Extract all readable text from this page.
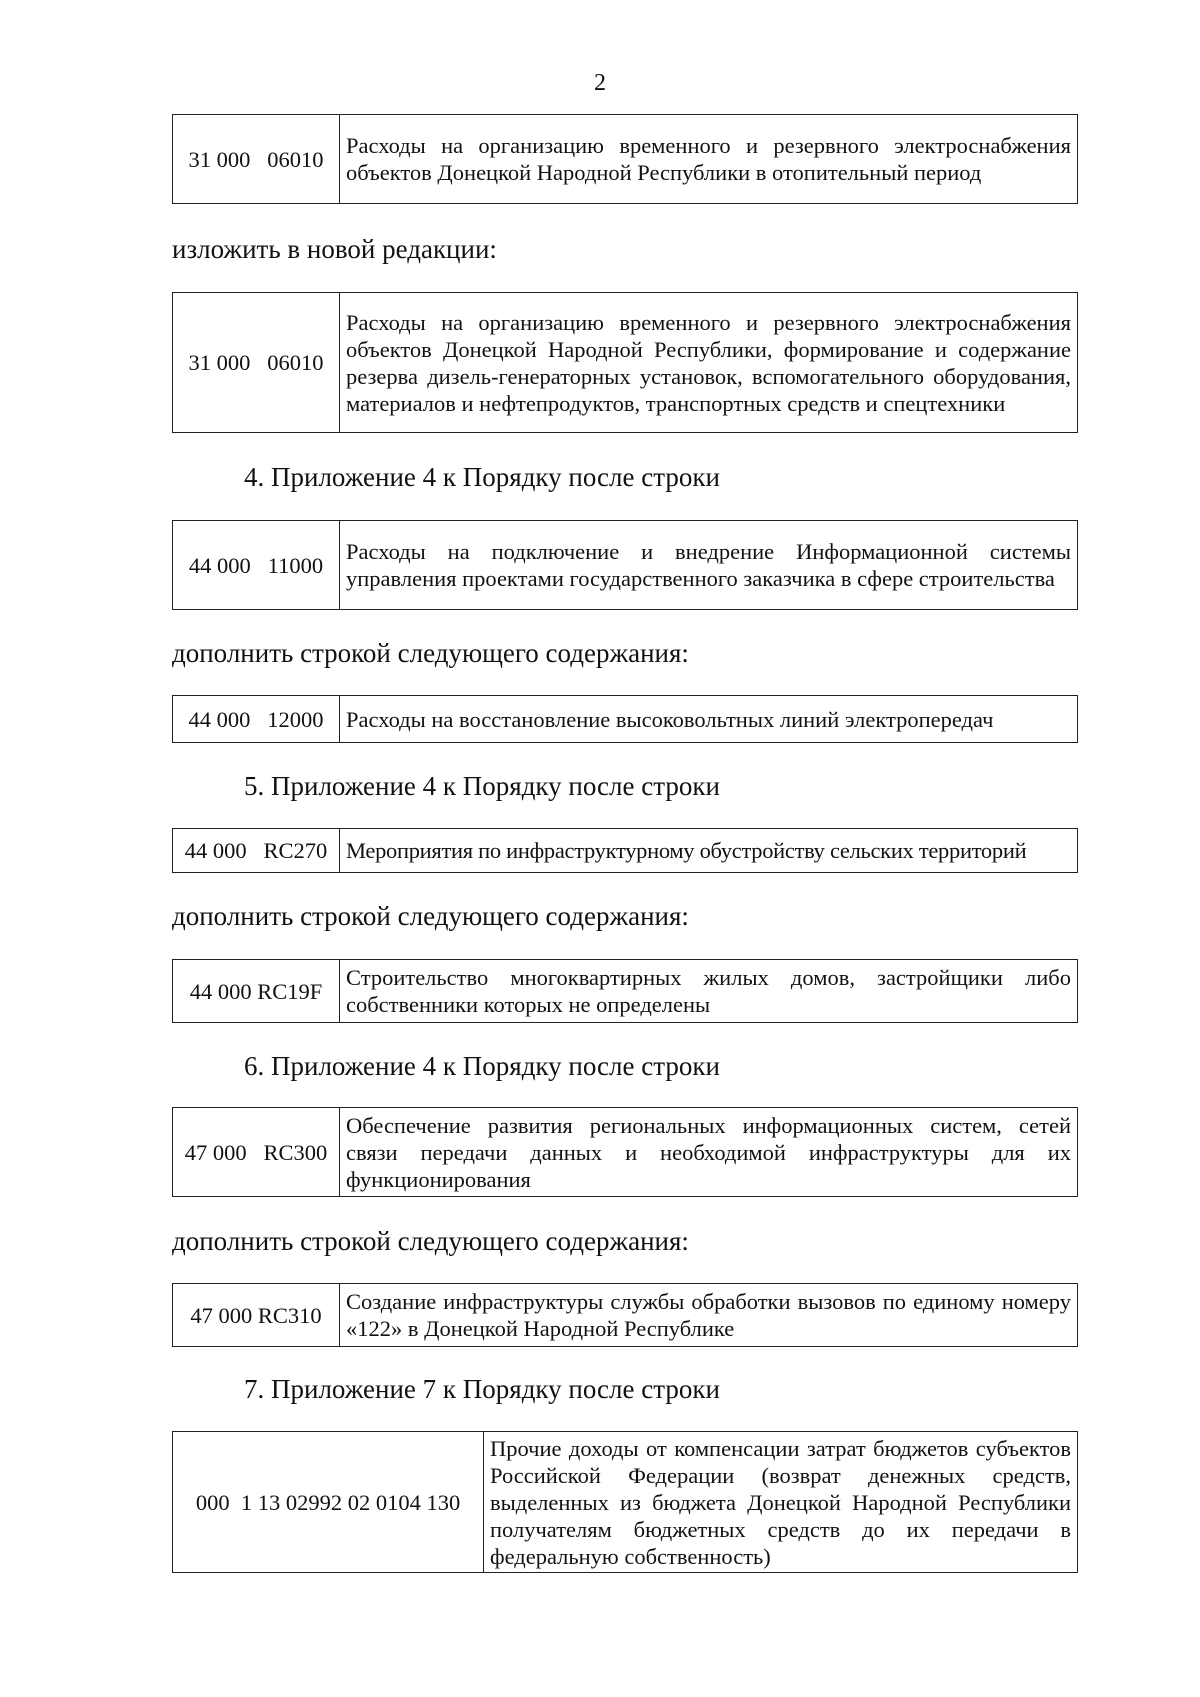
2
31 000   06010	Расходы на организацию временного и резервного электроснабжения объектов Донецкой Народной Республики в отопительный период
изложить в новой редакции:
31 000   06010	Расходы на организацию временного и резервного электроснабжения объектов Донецкой Народной Республики, формирование и содержание резерва дизель-генераторных установок, вспомогательного оборудования, материалов и нефтепродуктов, транспортных средств и спецтехники
4. Приложение 4 к Порядку после строки
44 000   11000	Расходы на подключение и внедрение Информационной системы управления проектами государственного заказчика в сфере строительства
дополнить строкой следующего содержания:
44 000   12000	Расходы на восстановление высоковольтных линий электропередач
5. Приложение 4 к Порядку после строки
44 000   RC270	Мероприятия по инфраструктурному обустройству сельских территорий
дополнить строкой следующего содержания:
44 000 RC19F	Строительство многоквартирных жилых домов, застройщики либо собственники которых не определены
6. Приложение 4 к Порядку после строки
47 000   RC300	Обеспечение развития региональных информационных систем, сетей связи передачи данных и необходимой инфраструктуры для их функционирования
дополнить строкой следующего содержания:
47 000 RC310	Создание инфраструктуры службы обработки вызовов по единому номеру «122» в Донецкой Народной Республике
7. Приложение 7 к Порядку после строки
000  1 13 02992 02 0104 130	Прочие доходы от компенсации затрат бюджетов субъектов Российской Федерации (возврат денежных средств, выделенных из бюджета Донецкой Народной Республики получателям бюджетных средств до их передачи в федеральную собственность)
